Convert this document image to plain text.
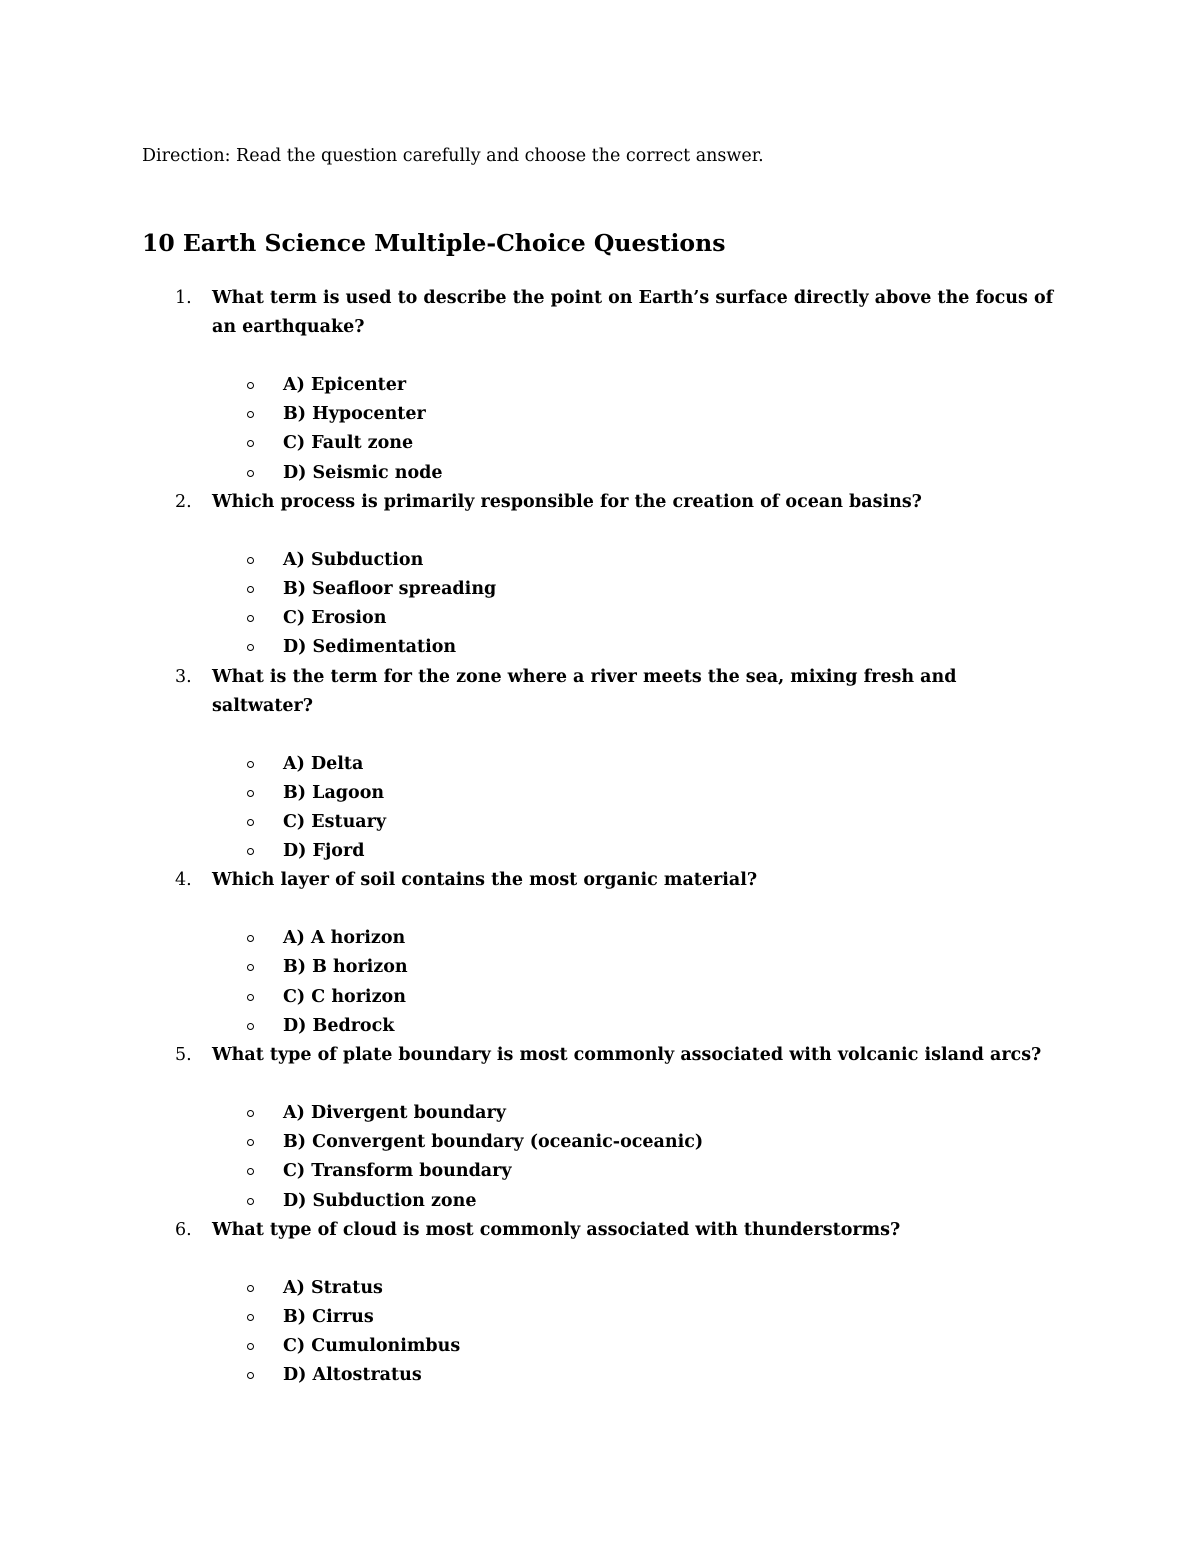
Direction: Read the question carefully and choose the correct answer.
10 Earth Science Multiple-Choice Questions
1. What term is used to describe the point on Earth’s surface directly above the focus of an earthquake?
A) Epicenter
B) Hypocenter
C) Fault zone
D) Seismic node
2. Which process is primarily responsible for the creation of ocean basins?
A) Subduction
B) Seafloor spreading
C) Erosion
D) Sedimentation
3. What is the term for the zone where a river meets the sea, mixing fresh and saltwater?
A) Delta
B) Lagoon
C) Estuary
D) Fjord
4. Which layer of soil contains the most organic material?
A) A horizon
B) B horizon
C) C horizon
D) Bedrock
5. What type of plate boundary is most commonly associated with volcanic island arcs?
A) Divergent boundary
B) Convergent boundary (oceanic-oceanic)
C) Transform boundary
D) Subduction zone
6. What type of cloud is most commonly associated with thunderstorms?
A) Stratus
B) Cirrus
C) Cumulonimbus
D) Altostratus
